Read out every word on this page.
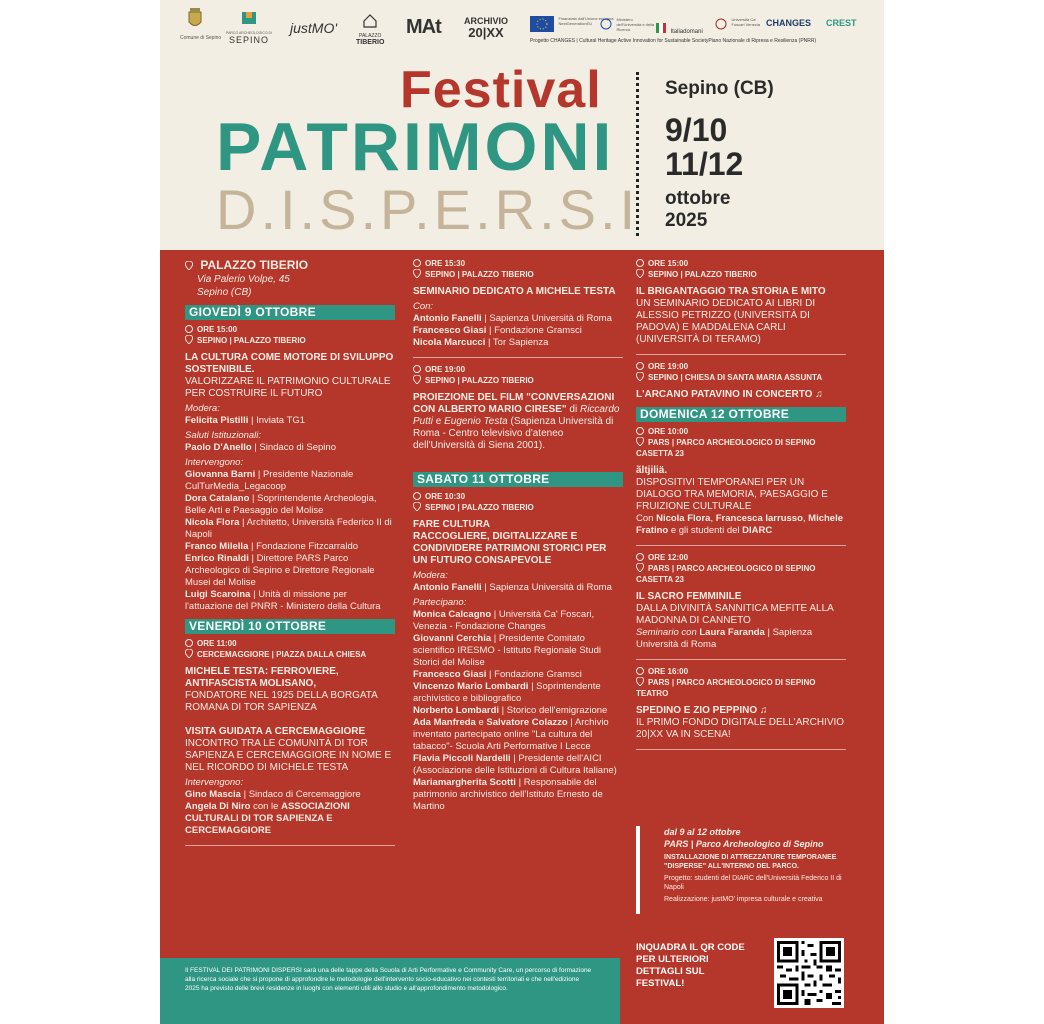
Comune di Sepino
PARCO ARCHEOLOGICO DI
SEPINO
justMO'	PALAZZO
TIBERIO
MAt	ARCHIVIO
20|XX
Finanziato dall'Unione europea NextGenerationEU
Ministero dell'Università e della Ricerca	Italiadomani
Università Ca' Foscari Venezia CHANGES CREST
Progetto CHANGES | Cultural Heritage Active Innovation for Sustainable SocietyPiano Nazionale di Ripresa e Resilienza (PNRR)
Festival
PATRIMONI
D.I.S.P.E.R.S.I
Sepino (CB)
9/10
11/12
ottobre
2025
PALAZZO TIBERIO
Via Palerio Volpe, 45
Sepino (CB)
GIOVEDÌ 9 OTTOBRE
ORE 15:00
SEPINO | PALAZZO TIBERIO
LA CULTURA COME MOTORE DI SVILUPPO SOSTENIBILE.
VALORIZZARE IL PATRIMONIO CULTURALE PER COSTRUIRE IL FUTURO
Modera:
Felicita Pistilli | Inviata TG1
Saluti Istituzionali:
Paolo D'Anello | Sindaco di Sepino
Intervengono:
Giovanna Barni | Presidente Nazionale CulTurMedia_Legacoop
Dora Catalano | Soprintendente Archeologia, Belle Arti e Paesaggio del Molise
Nicola Flora | Architetto, Università Federico II di Napoli
Franco Milella | Fondazione Fitzcarraldo
Enrico Rinaldi | Direttore PARS Parco Archeologico di Sepino e Direttore Regionale Musei del Molise
Luigi Scaroina | Unità di missione per l'attuazione del PNRR - Ministero della Cultura
VENERDÌ 10 OTTOBRE
ORE 11:00
CERCEMAGGIORE | PIAZZA DALLA CHIESA
MICHELE TESTA: FERROVIERE, ANTIFASCISTA MOLISANO,
FONDATORE NEL 1925 DELLA BORGATA ROMANA DI TOR SAPIENZA
VISITA GUIDATA A CERCEMAGGIORE
INCONTRO TRA LE COMUNITÀ DI TOR SAPIENZA E CERCEMAGGIORE IN NOME E NEL RICORDO DI MICHELE TESTA
Intervengono:
Gino Mascia | Sindaco di Cercemaggiore
Angela Di Niro con le ASSOCIAZIONI CULTURALI DI TOR SAPIENZA E CERCEMAGGIORE
ORE 15:30
SEPINO | PALAZZO TIBERIO
SEMINARIO DEDICATO A MICHELE TESTA
Con:
Antonio Fanelli | Sapienza Università di Roma
Francesco Giasi | Fondazione Gramsci
Nicola Marcucci | Tor Sapienza
ORE 19:00
SEPINO | PALAZZO TIBERIO
PROIEZIONE DEL FILM "CONVERSAZIONI CON ALBERTO MARIO CIRESE" di Riccardo Putti e Eugenio Testa (Sapienza Università di Roma - Centro televisivo d'ateneo dell'Università di Siena 2001).
SABATO 11 OTTOBRE
ORE 10:30
SEPINO | PALAZZO TIBERIO
FARE CULTURA
RACCOGLIERE, DIGITALIZZARE E CONDIVIDERE PATRIMONI STORICI PER UN FUTURO CONSAPEVOLE
Modera:
Antonio Fanelli | Sapienza Università di Roma
Partecipano:
Monica Calcagno | Università Ca' Foscari, Venezia - Fondazione Changes
Giovanni Cerchia | Presidente Comitato scientifico IRESMO - Istituto Regionale Studi Storici del Molise
Francesco Giasi | Fondazione Gramsci
Vincenzo Mario Lombardi | Soprintendente archivistico e bibliografico
Norberto Lombardi | Storico dell'emigrazione
Ada Manfreda e Salvatore Colazzo | Archivio inventato partecipato online "La cultura del tabacco"- Scuola Arti Performative I Lecce
Flavia Piccoli Nardelli | Presidente dell'AICI (Associazione delle Istituzioni di Cultura Italiane)
Mariamargherita Scotti | Responsabile del patrimonio archivistico dell'Istituto Ernesto de Martino
ORE 15:00
SEPINO | PALAZZO TIBERIO
IL BRIGANTAGGIO TRA STORIA E MITO
UN SEMINARIO DEDICATO AI LIBRI DI ALESSIO PETRIZZO (UNIVERSITÀ DI PADOVA) E MADDALENA CARLI (UNIVERSITÀ DI TERAMO)
ORE 19:00
SEPINO | CHIESA DI SANTA MARIA ASSUNTA
L'ARCANO PATAVINO IN CONCERTO ♫
DOMENICA 12 OTTOBRE
ORE 10:00
PARS | PARCO ARCHEOLOGICO DI SEPINO CASETTA 23
ãltjiliä.
DISPOSITIVI TEMPORANEI PER UN DIALOGO TRA MEMORIA, PAESAGGIO E FRUIZIONE CULTURALE
Con Nicola Flora, Francesca Iarrusso, Michele Fratino e gli studenti del DIARC
ORE 12:00
PARS | PARCO ARCHEOLOGICO DI SEPINO CASETTA 23
IL SACRO FEMMINILE
DALLA DIVINITÀ SANNITICA MEFITE ALLA MADONNA DI CANNETO
Seminario con Laura Faranda | Sapienza Università di Roma
ORE 16:00
PARS | PARCO ARCHEOLOGICO DI SEPINO TEATRO
SPEDINO E ZIO PEPPINO ♫
IL PRIMO FONDO DIGITALE DELL'ARCHIVIO 20|XX VA IN SCENA!
dal 9 al 12 ottobre
PARS | Parco Archeologico di Sepino
INSTALLAZIONE DI ATTREZZATURE TEMPORANEE "DISPERSE" ALL'INTERNO DEL PARCO.
Progetto: studenti del DIARC dell'Università Federico II di Napoli
Realizzazione: justMO' impresa culturale e creativa
INQUADRA IL QR CODE PER ULTERIORI DETTAGLI SUL FESTIVAL!
Il FESTIVAL DEI PATRIMONI DISPERSI sarà una delle tappe della Scuola di Arti Performative e Community Care, un percorso di formazione alla ricerca sociale che si propone di approfondire le metodologie dell'intervento socio-educativo nei contesti territoriali e che nell'edizione 2025 ha previsto delle brevi residenze in luoghi con elementi utili allo studio e all'approfondimento metodologico.
